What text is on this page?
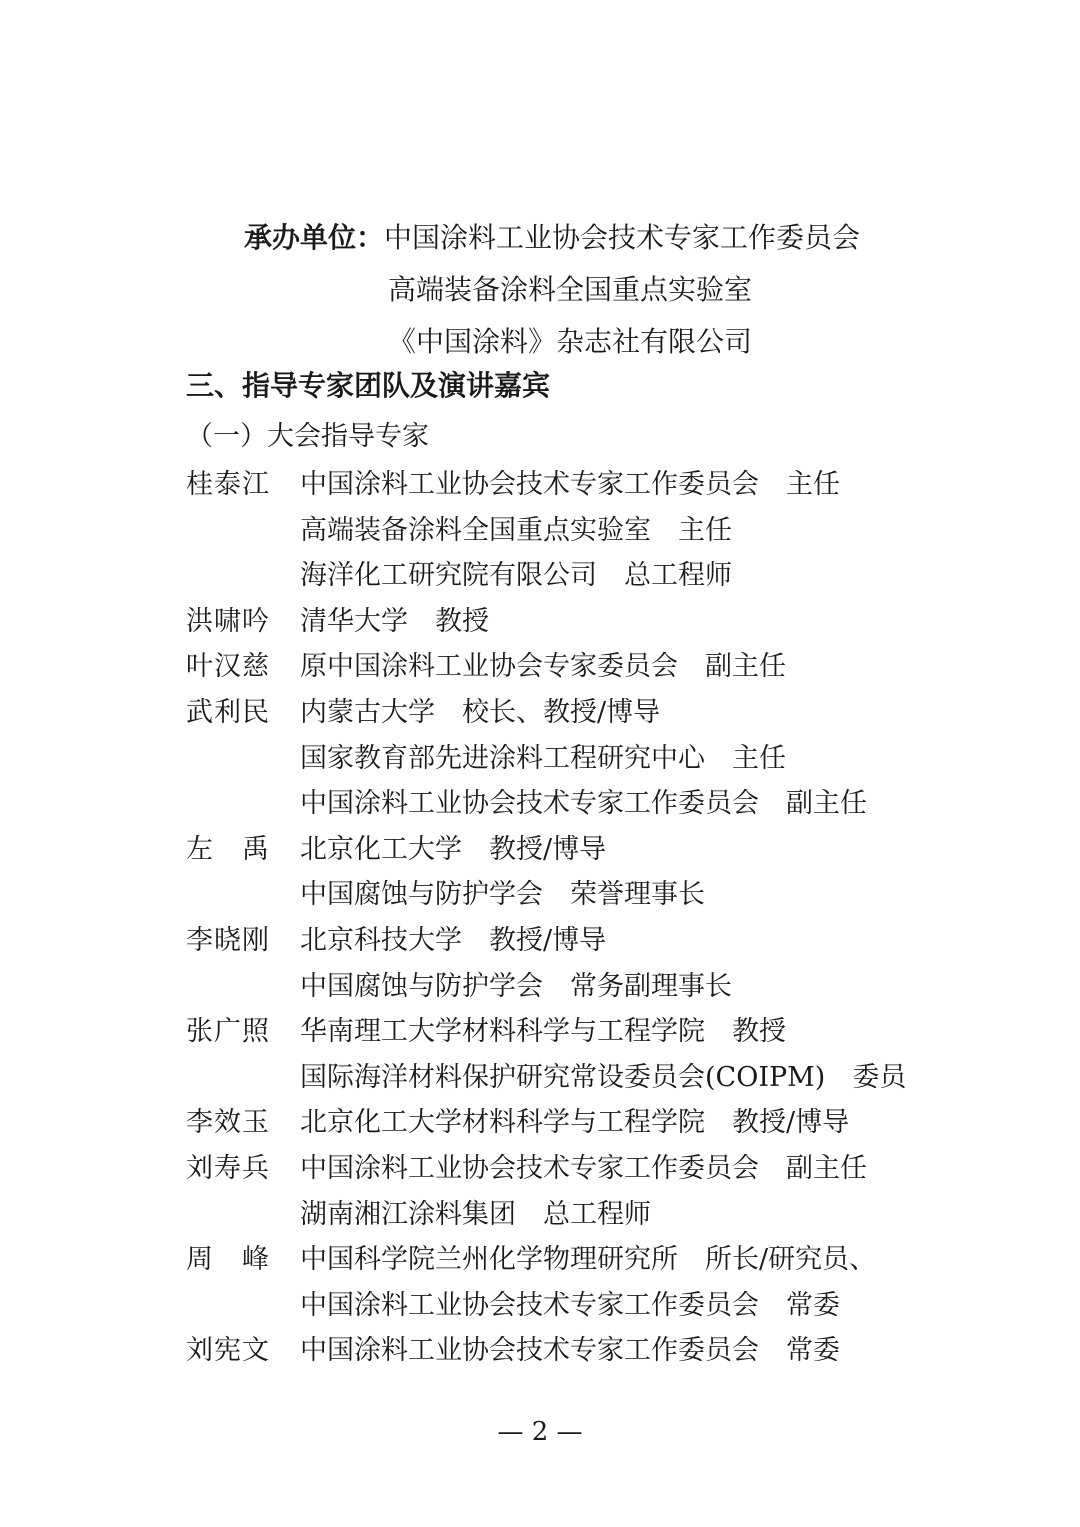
承办单位：中国涂料工业协会技术专家工作委员会
高端装备涂料全国重点实验室
《中国涂料》杂志社有限公司
三、指导专家团队及演讲嘉宾
（一）大会指导专家
桂泰江	中国涂料工业协会技术专家工作委员会　主任
高端装备涂料全国重点实验室　主任
海洋化工研究院有限公司　总工程师
洪啸吟	清华大学　教授
叶汉慈	原中国涂料工业协会专家委员会　副主任
武利民	内蒙古大学　校长、教授/博导
国家教育部先进涂料工程研究中心　主任
中国涂料工业协会技术专家工作委员会　副主任
左　禹	北京化工大学　教授/博导
中国腐蚀与防护学会　荣誉理事长
李晓刚	北京科技大学　教授/博导
中国腐蚀与防护学会　常务副理事长
张广照	华南理工大学材料科学与工程学院　教授
国际海洋材料保护研究常设委员会(COIPM)　委员
李效玉	北京化工大学材料科学与工程学院　教授/博导
刘寿兵	中国涂料工业协会技术专家工作委员会　副主任
湖南湘江涂料集团　总工程师
周　峰	中国科学院兰州化学物理研究所　所长/研究员、
中国涂料工业协会技术专家工作委员会　常委
刘宪文	中国涂料工业协会技术专家工作委员会　常委
— 2 —
